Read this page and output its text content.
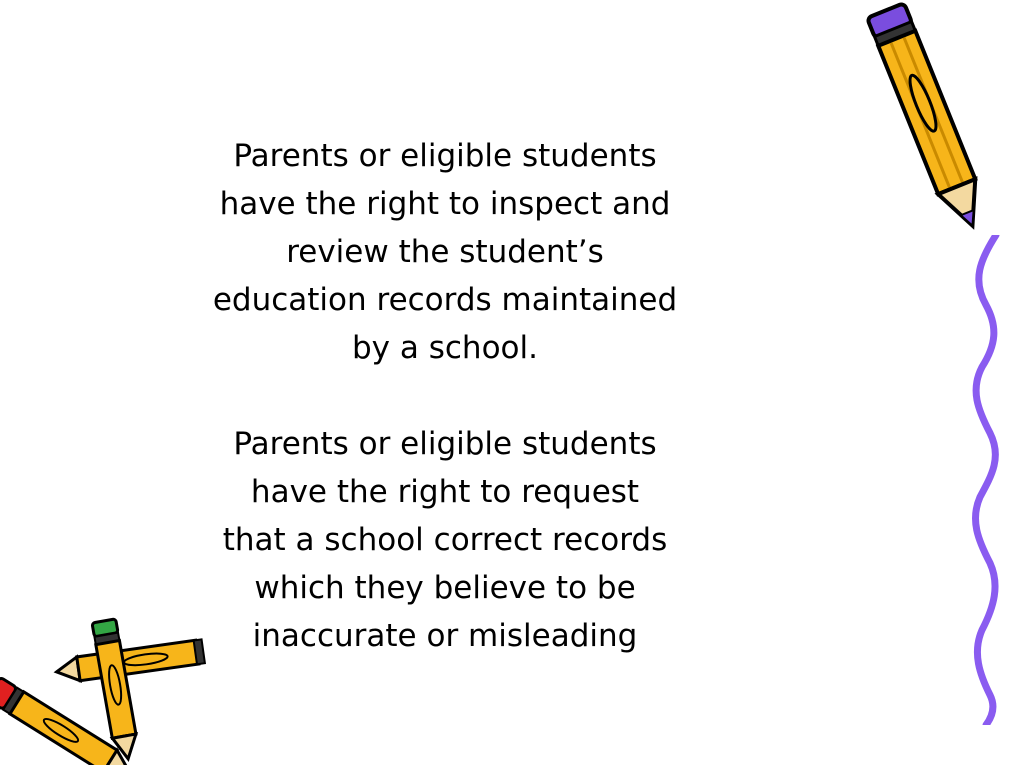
Parents or eligible students
have the right to inspect and
review the student’s
education records maintained
by a school.

Parents or eligible students
have the right to request
that a school correct records
which they believe to be
inaccurate or misleading
